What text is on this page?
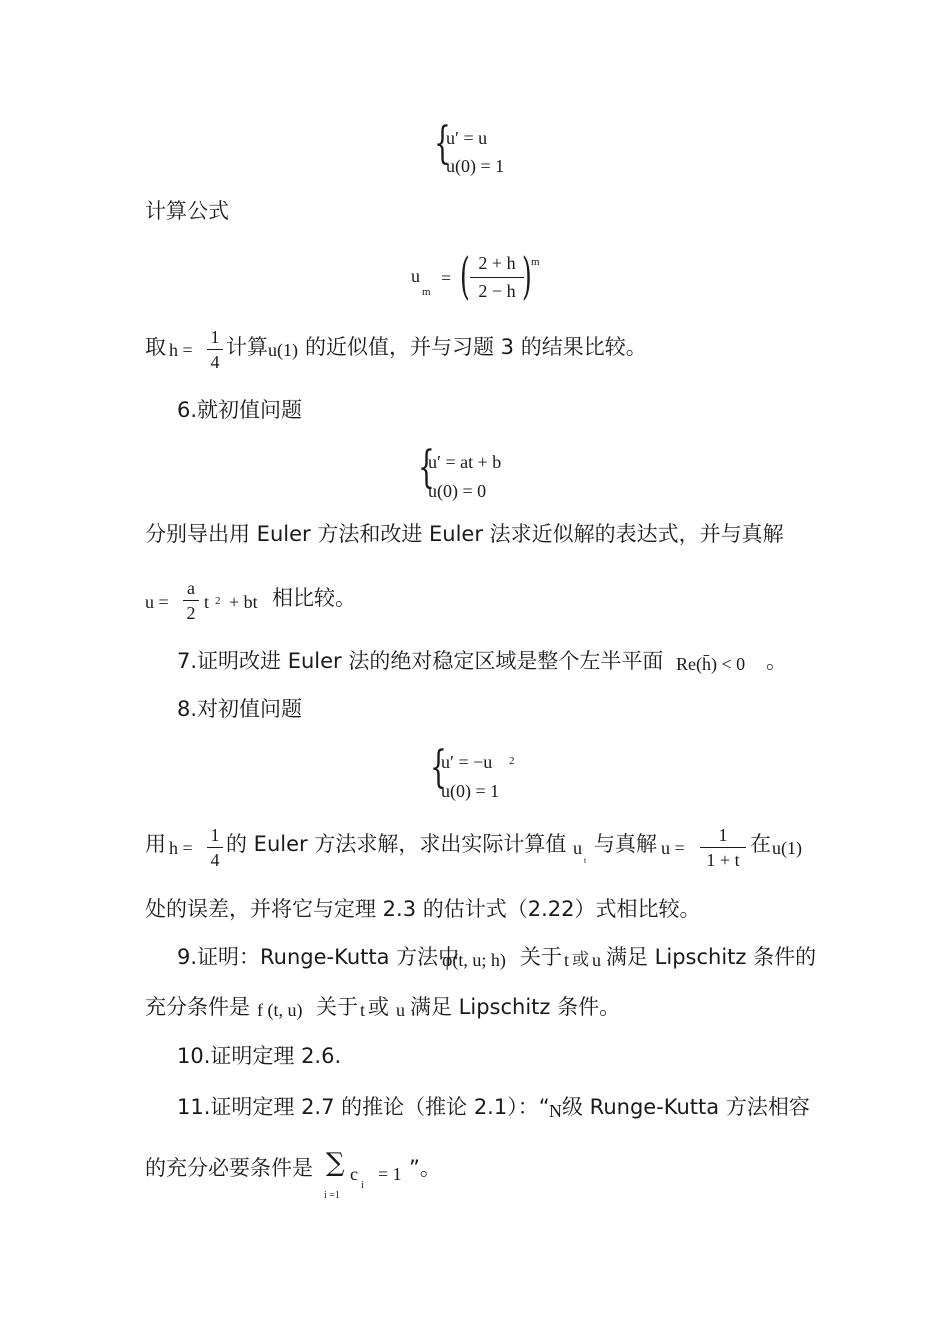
{
u′ = u
u(0) = 1
计算公式
u
m
= ( 2 + h
2 − h ) m
取 h =
1
4
计算 u(1) 的近似值，并与习题 3 的结果比较。
6.就初值问题
{
u′ = at + b
u(0) = 0
分别导出用 Euler 方法和改进 Euler 法求近似解的表达式，并与真解
u =
a
2
t 2 + bt 相比较。
7.证明改进 Euler 法的绝对稳定区域是整个左半平面 Re(h̄) < 0 。
8.对初值问题
{
u′ = −u 2
u(0) = 1
用 h =
1
4
的 Euler 方法求解，求出实际计算值 u
t
与真解 u =
1
1 + t
在 u(1)
处的误差，并将它与定理 2.3 的估计式（2.22）式相比较。
9.证明：Runge-Kutta 方法中
φ(t, u; h) 关于 t 或 u 满足 Lipschitz 条件的
充分条件是 f (t, u) 关于 t 或 u 满足 Lipschitz 条件。
10.证明定理 2.6.
11.证明定理 2.7 的推论（推论 2.1）：“ N 级 Runge-Kutta 方法相容
的充分必要条件是 ∑
i =1
c
i
= 1 ”。
